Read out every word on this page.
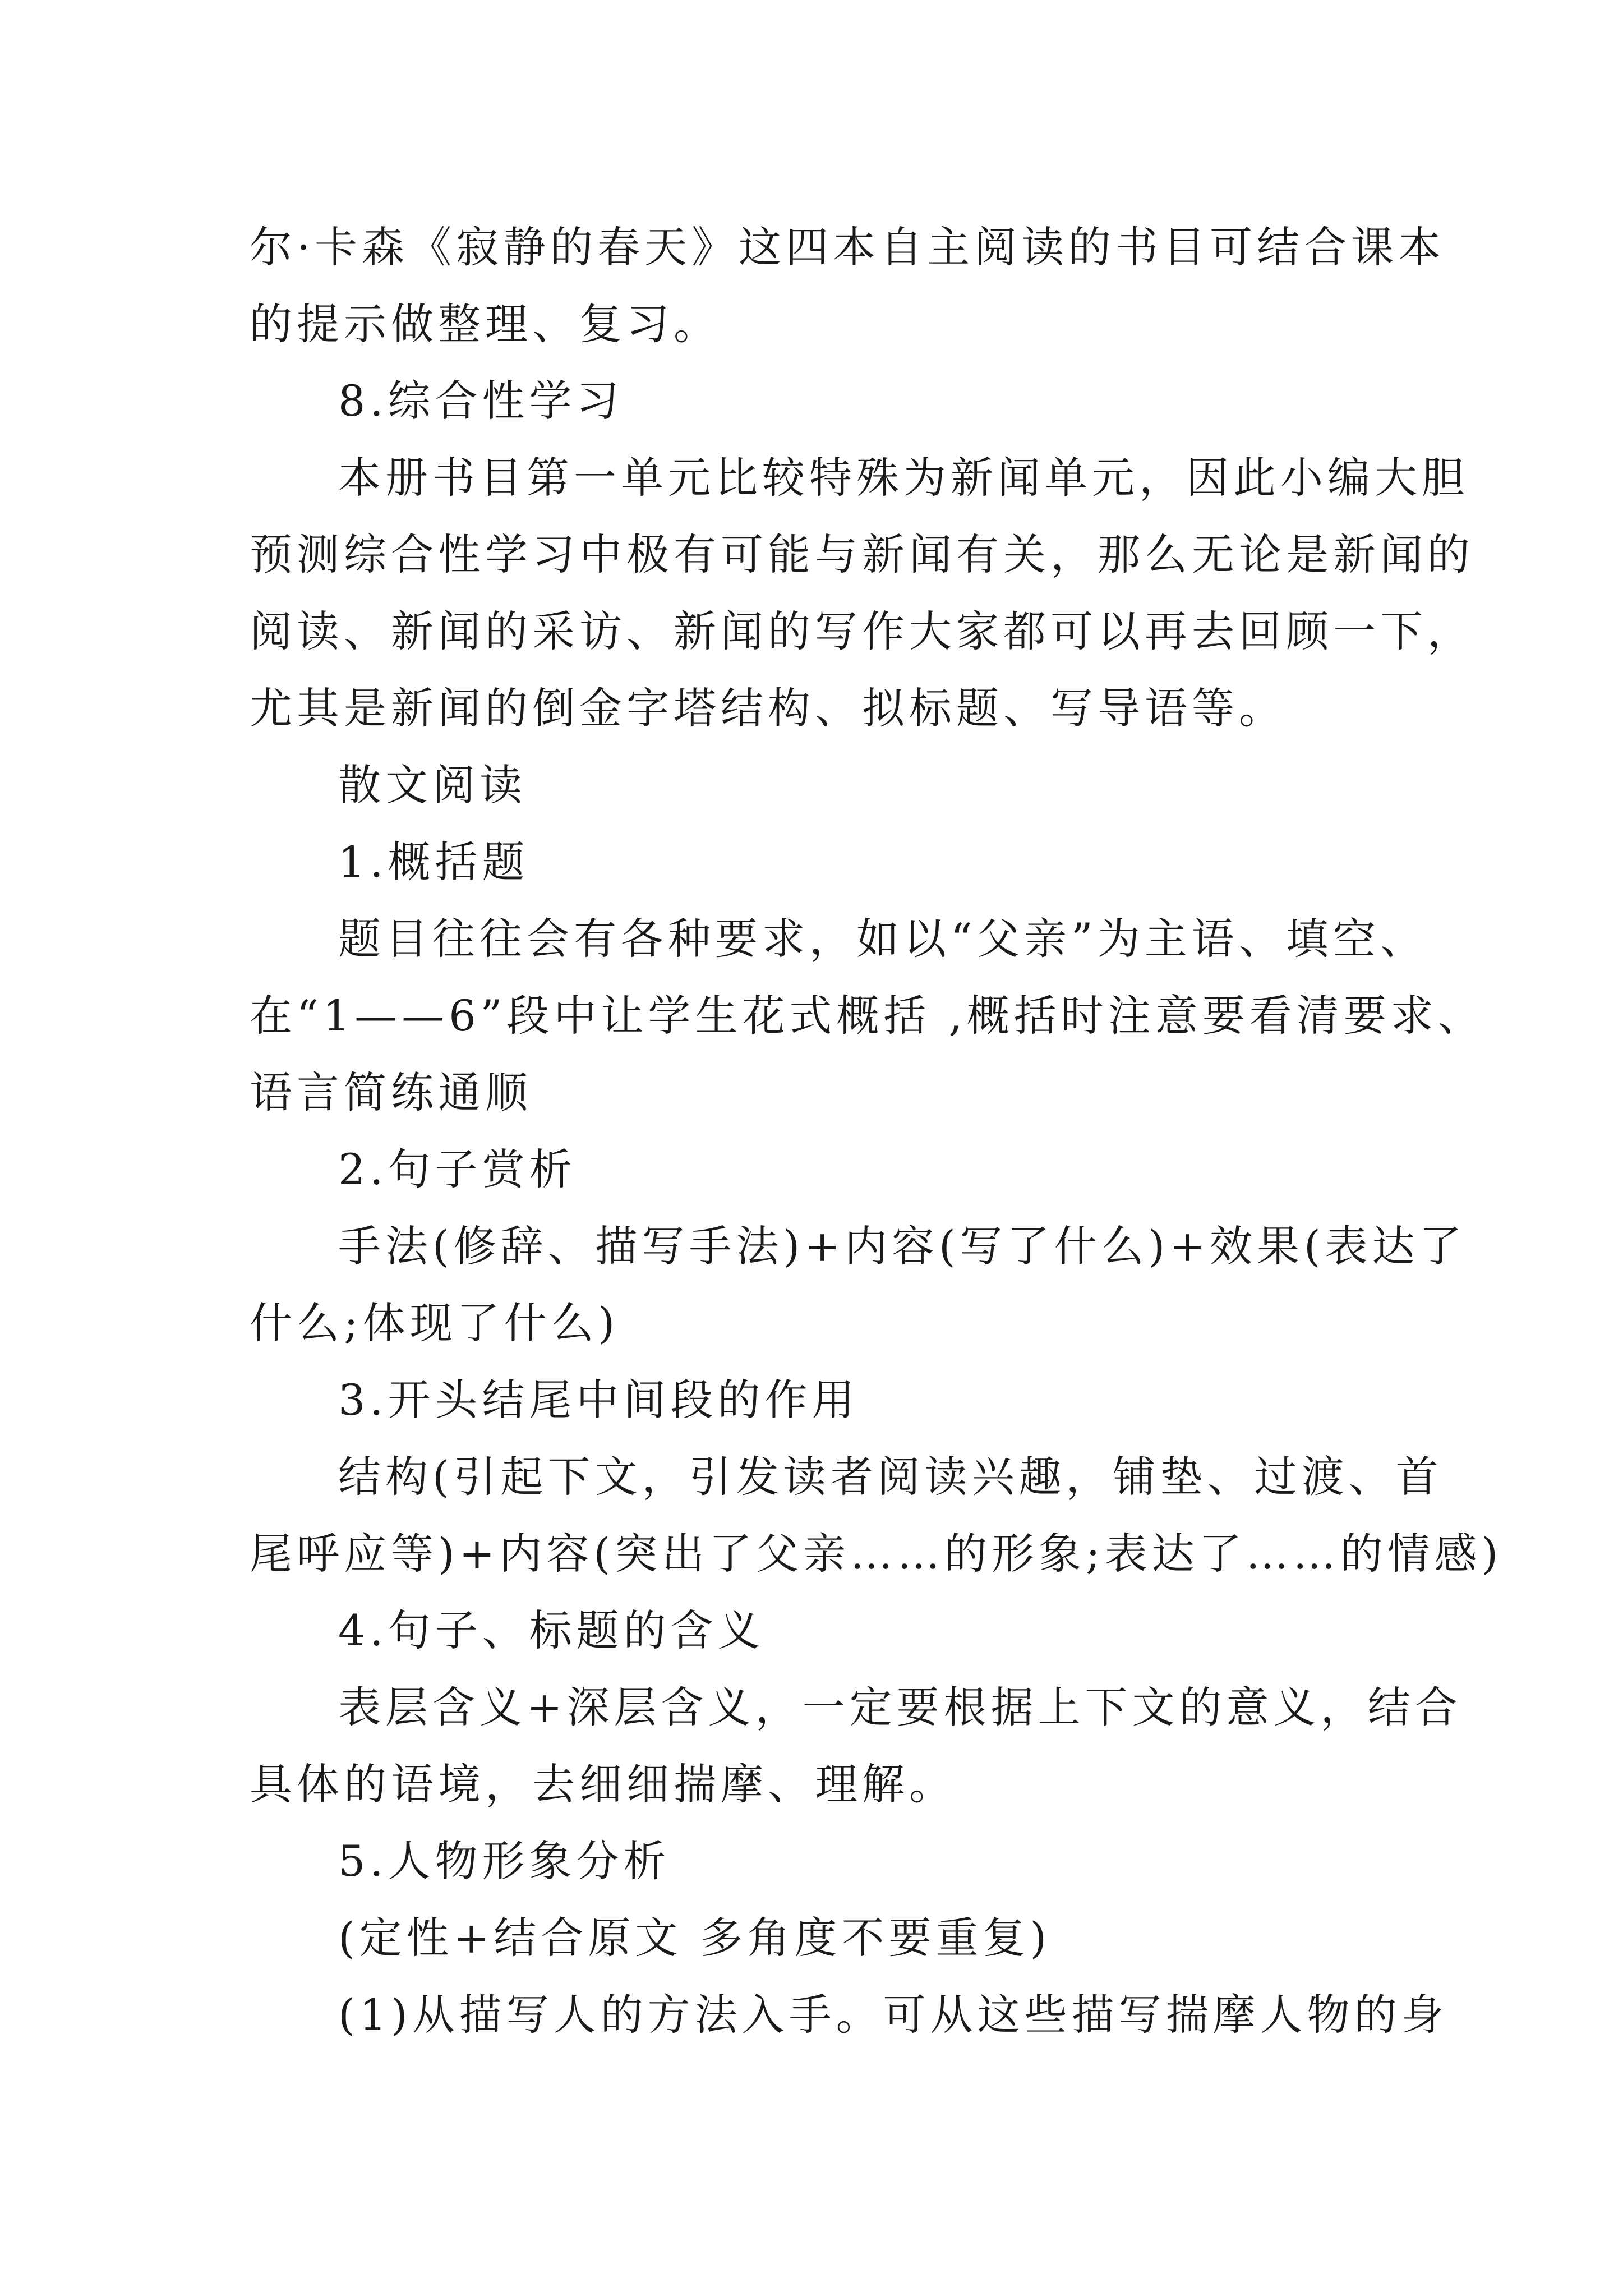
尔·卡森《寂静的春天》这四本自主阅读的书目可结合课本
的提示做整理、复习。
8.综合性学习
本册书目第一单元比较特殊为新闻单元，因此小编大胆
预测综合性学习中极有可能与新闻有关，那么无论是新闻的
阅读、新闻的采访、新闻的写作大家都可以再去回顾一下，
尤其是新闻的倒金字塔结构、拟标题、写导语等。
散文阅读
1.概括题
题目往往会有各种要求，如以“父亲”为主语、填空、
在“1——6”段中让学生花式概括 ,概括时注意要看清要求、
语言简练通顺
2.句子赏析
手法(修辞、描写手法)+内容(写了什么)+效果(表达了
什么;体现了什么)
3.开头结尾中间段的作用
结构(引起下文，引发读者阅读兴趣，铺垫、过渡、首
尾呼应等)+内容(突出了父亲……的形象;表达了……的情感)
4.句子、标题的含义
表层含义+深层含义，一定要根据上下文的意义，结合
具体的语境，去细细揣摩、理解。
5.人物形象分析
(定性+结合原文 多角度不要重复)
(1)从描写人的方法入手。可从这些描写揣摩人物的身
